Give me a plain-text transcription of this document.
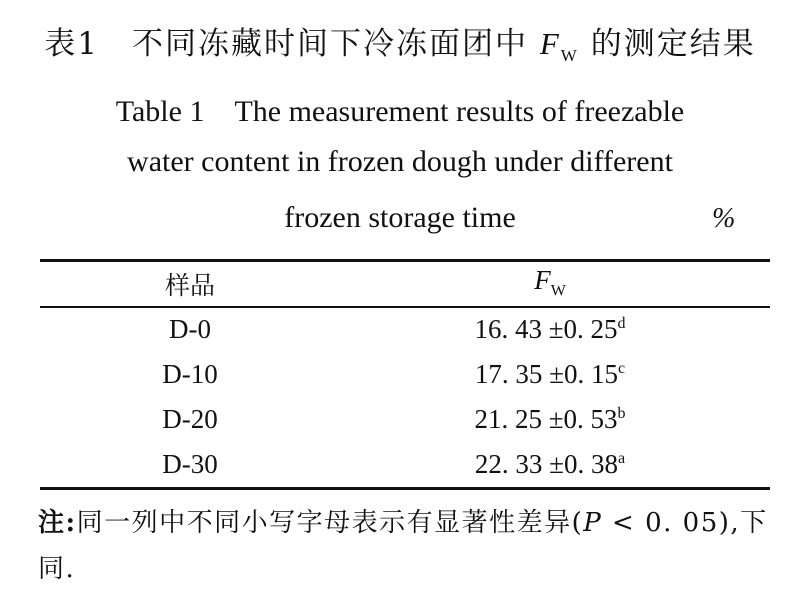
表1　不同冻藏时间下冷冻面团中 $F_W$ 的测定结果
Table 1　The measurement results of freezable
water content in frozen dough under different
frozen storage time	%
样品	$F_W$
D-0	16. 43 ±0. 25$^d$
D-10	17. 35 ±0. 15$^c$
D-20	21. 25 ±0. 53$^b$
D-30	22. 33 ±0. 38$^a$
注:同一列中不同小写字母表示有显著性差异(P < 0. 05),下同.
